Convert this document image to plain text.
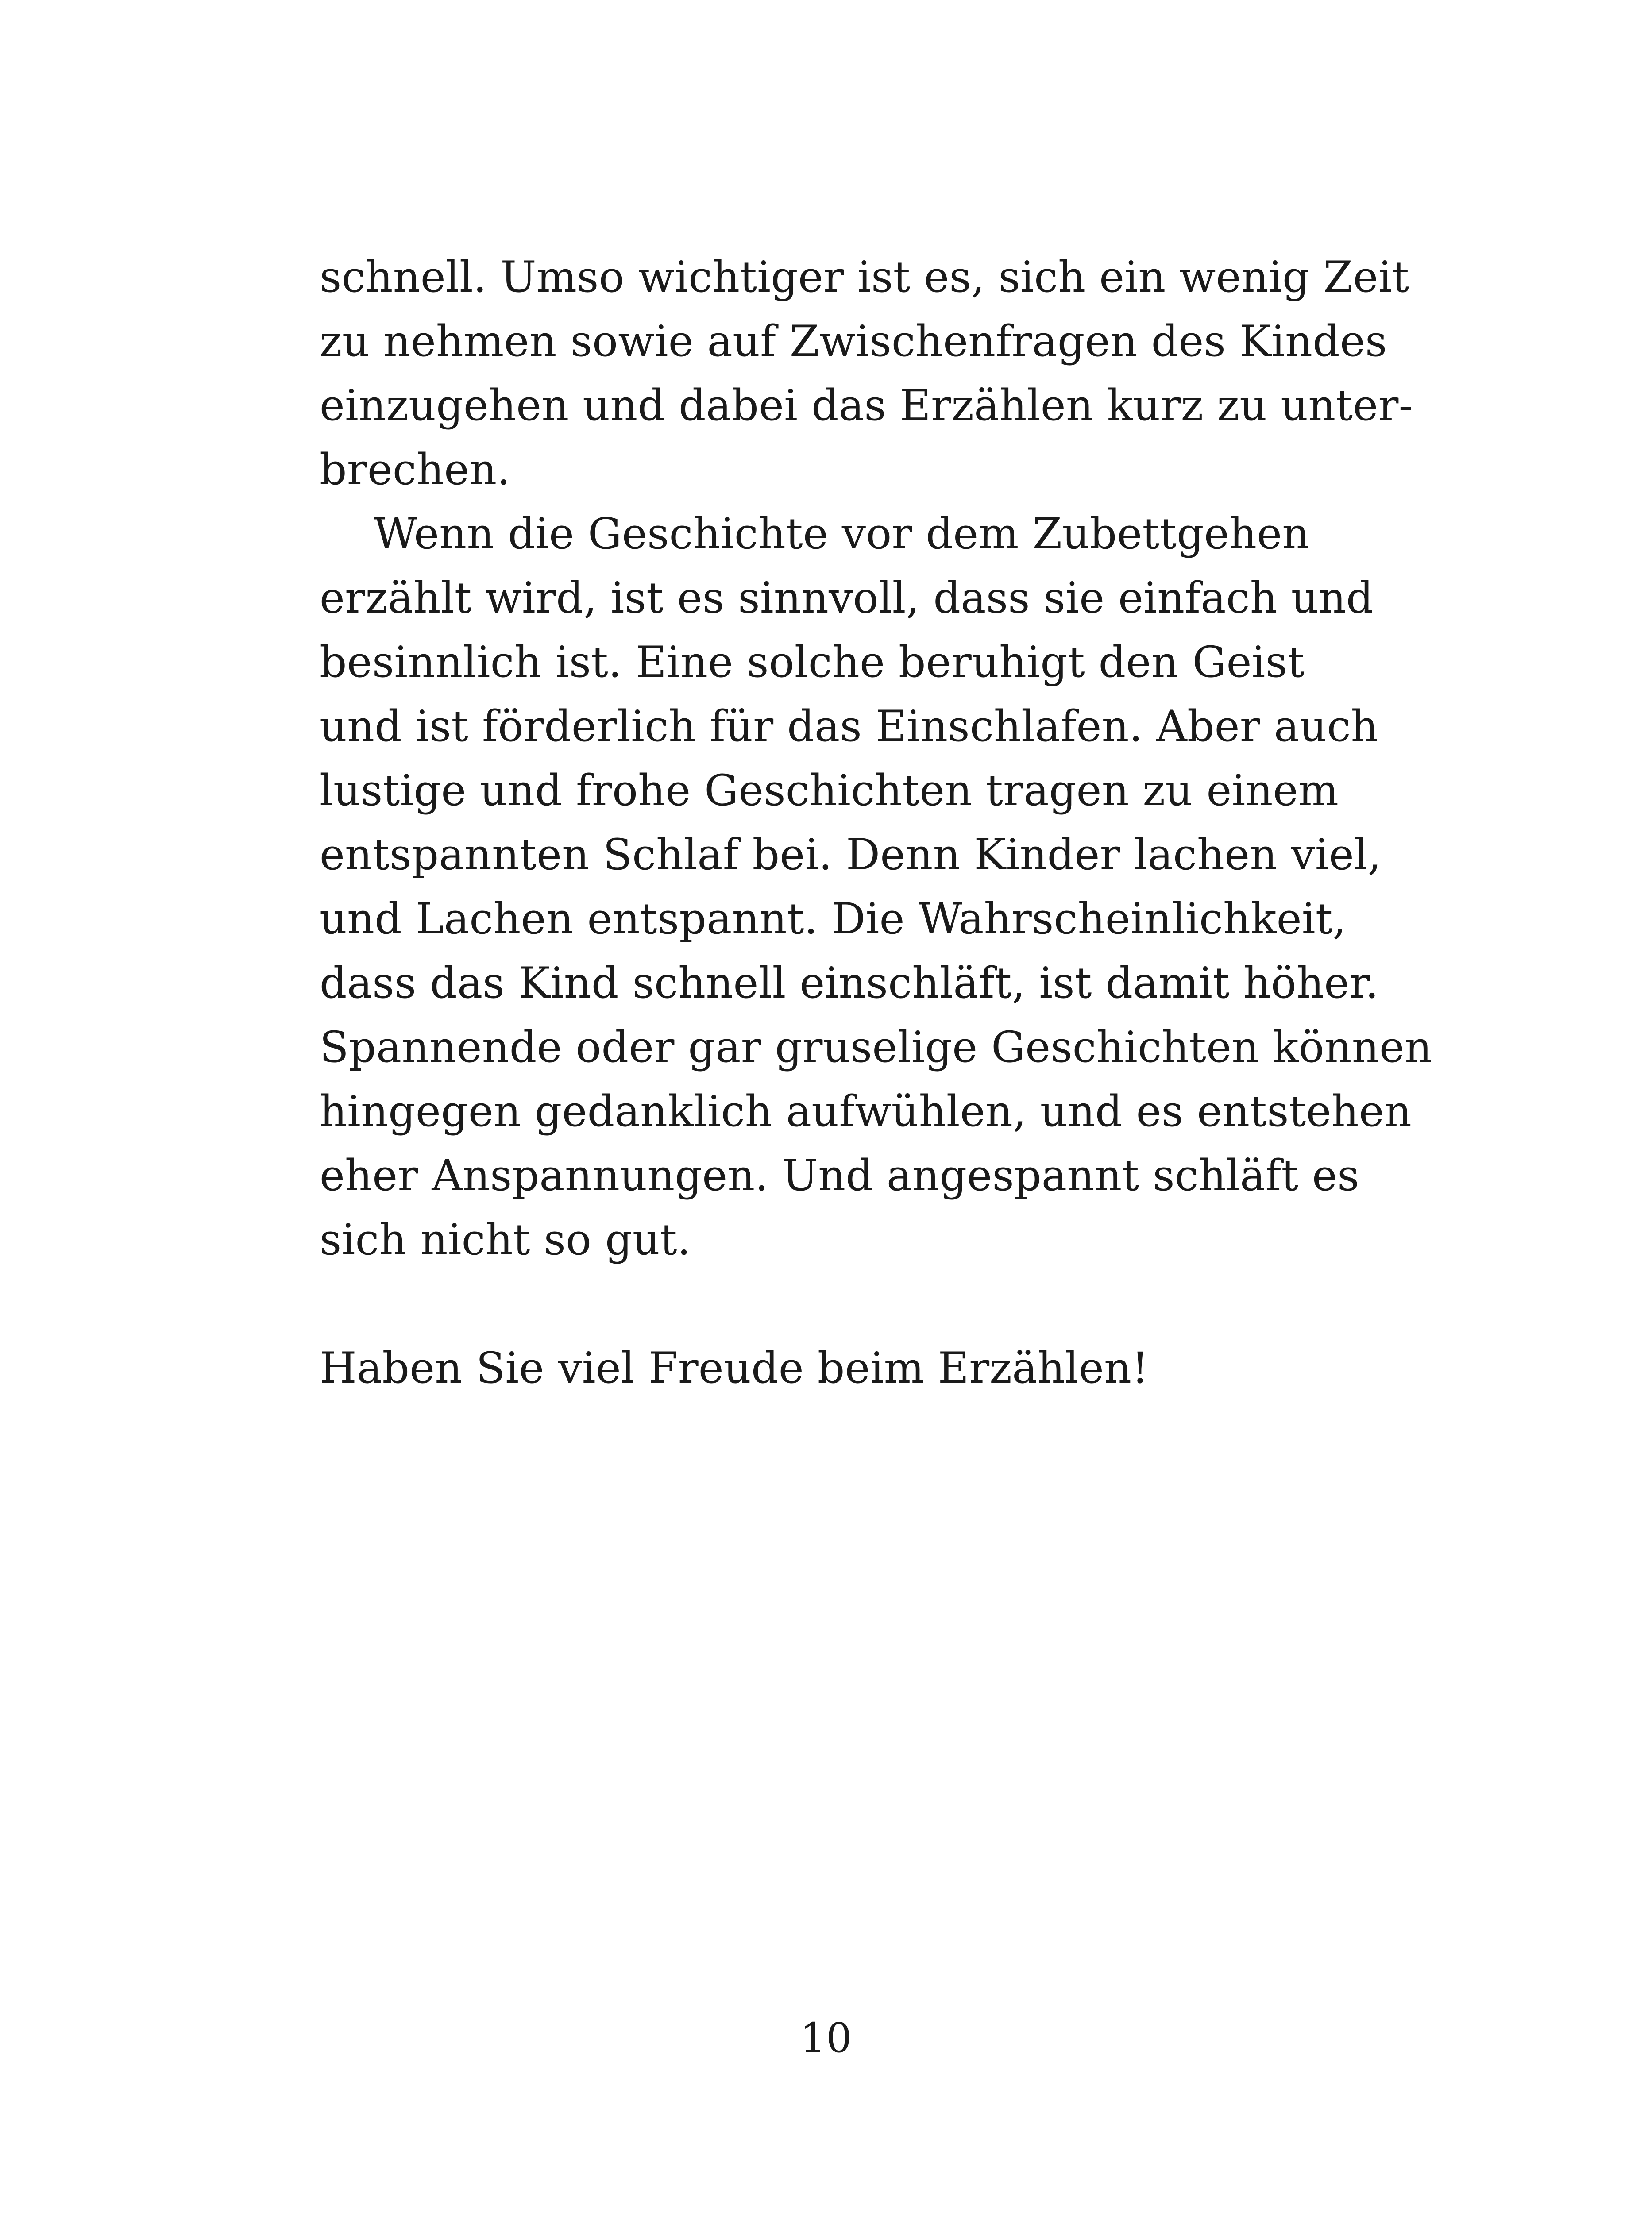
schnell. Umso wichtiger ist es, sich ein wenig Zeit
zu nehmen sowie auf Zwischenfragen des Kindes
einzugehen und dabei das Erzählen kurz zu unter-
brechen.
Wenn die Geschichte vor dem Zubettgehen
erzählt wird, ist es sinnvoll, dass sie einfach und
besinnlich ist. Eine solche beruhigt den Geist
und ist förderlich für das Einschlafen. Aber auch
lustige und frohe Geschichten tragen zu einem
entspannten Schlaf bei. Denn Kinder lachen viel,
und Lachen entspannt. Die Wahrscheinlichkeit,
dass das Kind schnell einschläft, ist damit höher.
Spannende oder gar gruselige Geschichten können
hingegen gedanklich aufwühlen, und es entstehen
eher Anspannungen. Und angespannt schläft es
sich nicht so gut.
Haben Sie viel Freude beim Erzählen!
10
